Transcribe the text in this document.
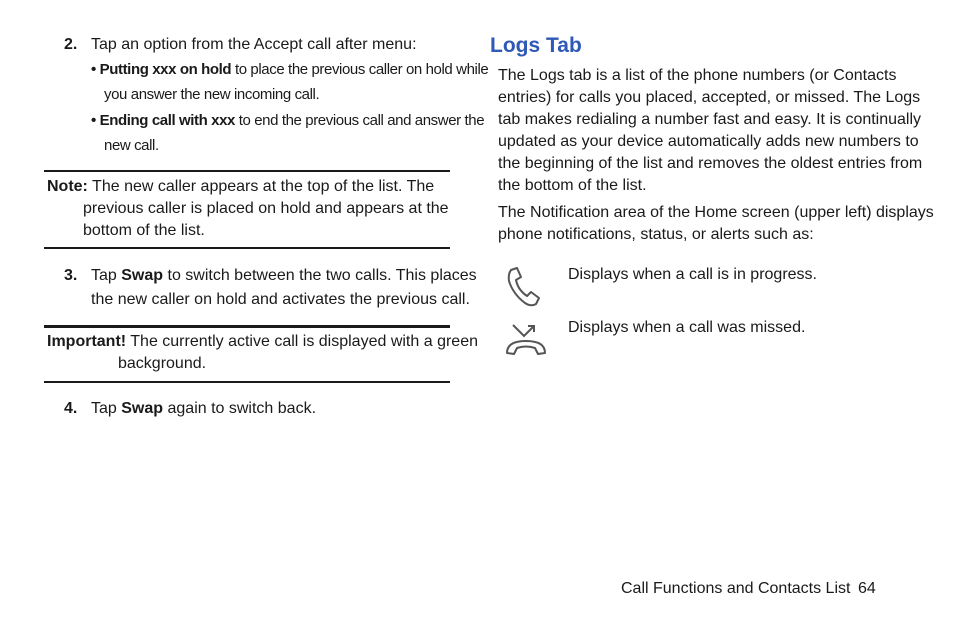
2. Tap an option from the Accept call after menu:
• Putting xxx on hold to place the previous caller on hold while
you answer the new incoming call.
• Ending call with xxx to end the previous call and answer the
new call.
Note: The new caller appears at the top of the list. The
previous caller is placed on hold and appears at the
bottom of the list.
3. Tap Swap to switch between the two calls. This places
the new caller on hold and activates the previous call.
Important! The currently active call is displayed with a green
background.
4. Tap Swap again to switch back.
Logs Tab
The Logs tab is a list of the phone numbers (or Contacts
entries) for calls you placed, accepted, or missed. The Logs
tab makes redialing a number fast and easy. It is continually
updated as your device automatically adds new numbers to
the beginning of the list and removes the oldest entries from
the bottom of the list.
The Notification area of the Home screen (upper left) displays
phone notifications, status, or alerts such as:
Displays when a call is in progress.
Displays when a call was missed.
Call Functions and Contacts List 64
